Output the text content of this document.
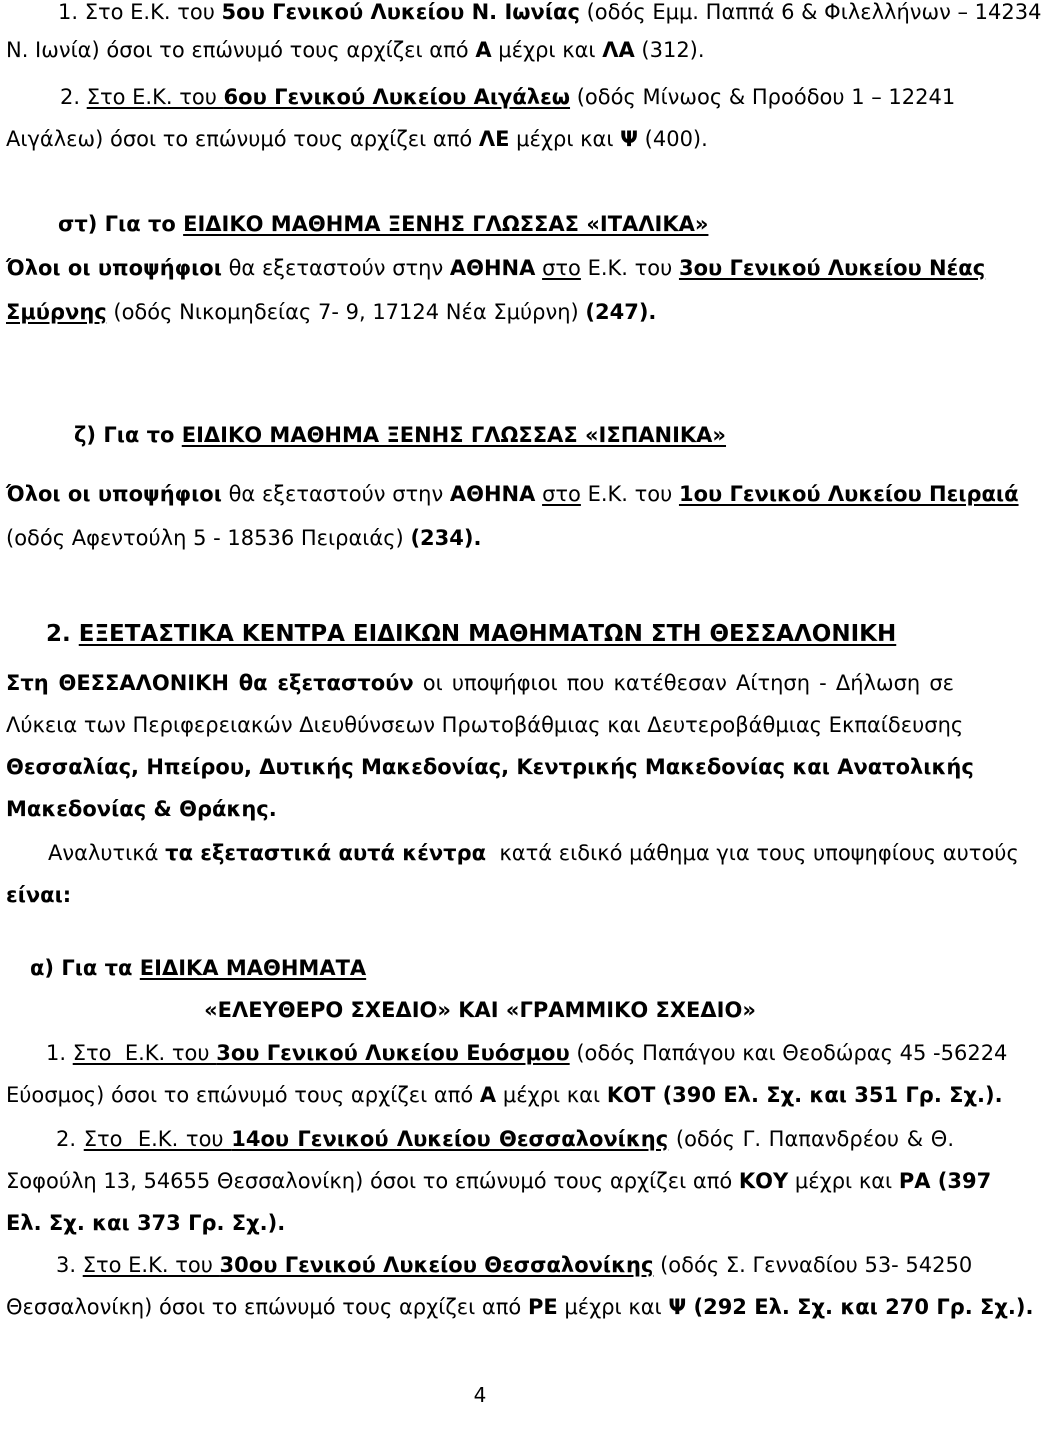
1. Στο Ε.Κ. του 5ου Γενικού Λυκείου Ν. Ιωνίας (οδός Εμμ. Παππά 6 & Φιλελλήνων – 14234

Ν. Ιωνία) όσοι το επώνυμό τους αρχίζει από Α μέχρι και ΛΑ (312).

2. Στο Ε.Κ. του 6ου Γενικού Λυκείου Αιγάλεω (οδός Μίνωος & Προόδου 1 – 12241

Αιγάλεω) όσοι το επώνυμό τους αρχίζει από ΛΕ μέχρι και Ψ (400).

στ) Για το ΕΙΔΙΚΟ ΜΑΘΗΜΑ ΞΕΝΗΣ ΓΛΩΣΣΑΣ «ΙΤΑΛΙΚΑ»

Όλοι οι υποψήφιοι θα εξεταστούν στην ΑΘΗΝΑ στο Ε.Κ. του 3ου Γενικού Λυκείου Νέας

Σμύρνης (οδός Νικομηδείας 7- 9, 17124 Νέα Σμύρνη) (247).

ζ) Για το ΕΙΔΙΚΟ ΜΑΘΗΜΑ ΞΕΝΗΣ ΓΛΩΣΣΑΣ «ΙΣΠΑΝΙΚΑ»

Όλοι οι υποψήφιοι θα εξεταστούν στην ΑΘΗΝΑ στο Ε.Κ. του 1ου Γενικού Λυκείου Πειραιά

(οδός Αφεντούλη 5 - 18536 Πειραιάς) (234).

2. ΕΞΕΤΑΣΤΙΚΑ ΚΕΝΤΡΑ ΕΙΔΙΚΩΝ ΜΑΘΗΜΑΤΩΝ ΣΤΗ ΘΕΣΣΑΛΟΝΙΚΗ

Στη ΘΕΣΣΑΛΟΝΙΚΗ θα εξεταστούν οι υποψήφιοι που κατέθεσαν Αίτηση - Δήλωση σε

Λύκεια των Περιφερειακών Διευθύνσεων Πρωτοβάθμιας και Δευτεροβάθμιας Εκπαίδευσης

Θεσσαλίας, Ηπείρου, Δυτικής Μακεδονίας, Κεντρικής Μακεδονίας και Ανατολικής

Μακεδονίας & Θράκης.

Αναλυτικά τα εξεταστικά αυτά κέντρα  κατά ειδικό μάθημα για τους υποψηφίους αυτούς

είναι:

α) Για τα ΕΙΔΙΚΑ ΜΑΘΗΜΑΤΑ

«ΕΛΕΥΘΕΡΟ ΣΧΕΔΙΟ» ΚΑΙ «ΓΡΑΜΜΙΚΟ ΣΧΕΔΙΟ»

1. Στο  Ε.Κ. του 3ου Γενικού Λυκείου Ευόσμου (οδός Παπάγου και Θεοδώρας 45 -56224

Εύοσμος) όσοι το επώνυμό τους αρχίζει από Α μέχρι και ΚΟΤ (390 Ελ. Σχ. και 351 Γρ. Σχ.).

2. Στο  Ε.Κ. του 14ου Γενικού Λυκείου Θεσσαλονίκης (οδός Γ. Παπανδρέου & Θ.

Σοφούλη 13, 54655 Θεσσαλονίκη) όσοι το επώνυμό τους αρχίζει από ΚΟΥ μέχρι και ΡΑ (397

Ελ. Σχ. και 373 Γρ. Σχ.).

3. Στο Ε.Κ. του 30ου Γενικού Λυκείου Θεσσαλονίκης (οδός Σ. Γενναδίου 53- 54250

Θεσσαλονίκη) όσοι το επώνυμό τους αρχίζει από ΡΕ μέχρι και Ψ (292 Ελ. Σχ. και 270 Γρ. Σχ.).

4
